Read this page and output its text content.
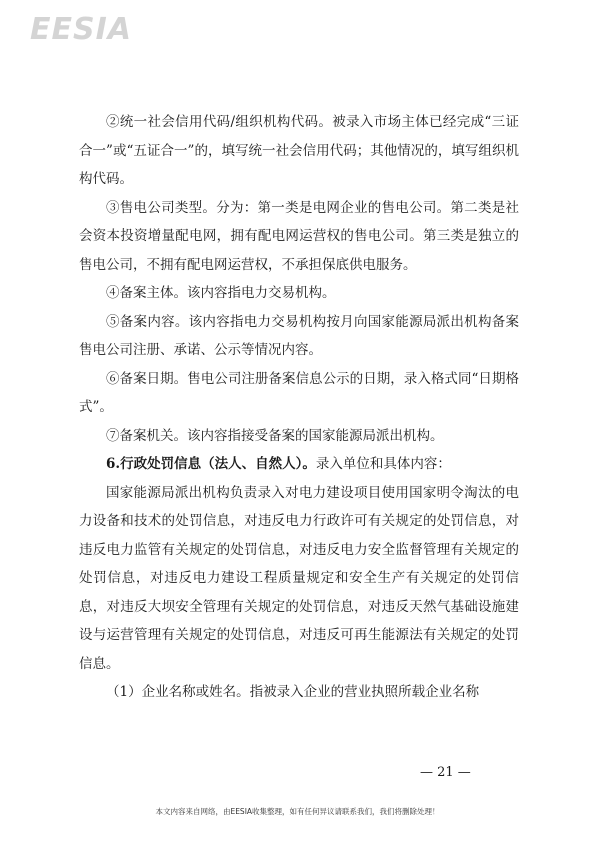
EESIA

②统一社会信用代码/组织机构代码。被录入市场主体已经完成“三证合一”或“五证合一”的，填写统一社会信用代码；其他情况的，填写组织机构代码。

③售电公司类型。分为：第一类是电网企业的售电公司。第二类是社会资本投资增量配电网，拥有配电网运营权的售电公司。第三类是独立的售电公司，不拥有配电网运营权，不承担保底供电服务。

④备案主体。该内容指电力交易机构。

⑤备案内容。该内容指电力交易机构按月向国家能源局派出机构备案售电公司注册、承诺、公示等情况内容。

⑥备案日期。售电公司注册备案信息公示的日期，录入格式同“日期格式”。

⑦备案机关。该内容指接受备案的国家能源局派出机构。

6.行政处罚信息（法人、自然人）。录入单位和具体内容：

国家能源局派出机构负责录入对电力建设项目使用国家明令淘汰的电力设备和技术的处罚信息，对违反电力行政许可有关规定的处罚信息，对违反电力监管有关规定的处罚信息，对违反电力安全监督管理有关规定的处罚信息，对违反电力建设工程质量规定和安全生产有关规定的处罚信息，对违反大坝安全管理有关规定的处罚信息，对违反天然气基础设施建设与运营管理有关规定的处罚信息，对违反可再生能源法有关规定的处罚信息。

（1）企业名称或姓名。指被录入企业的营业执照所载企业名称

— 21 —
本文内容来自网络，由EESIA收集整理，如有任何异议请联系我们，我们将删除处理！
